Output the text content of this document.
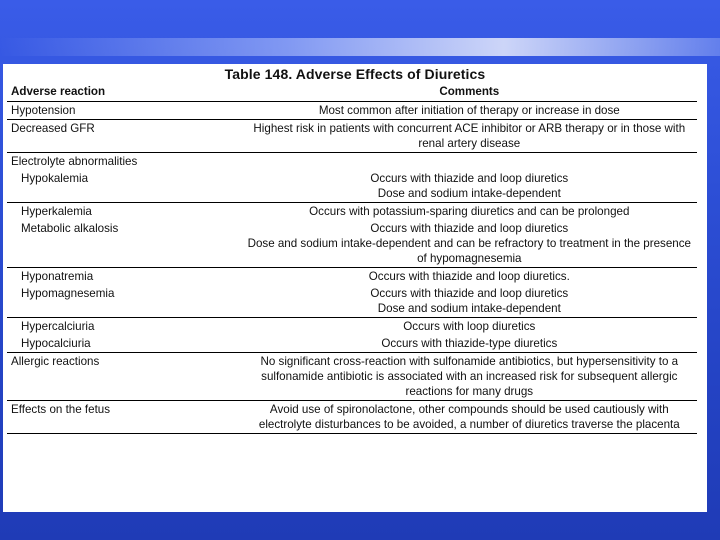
Table 148. Adverse Effects of Diuretics
Adverse reaction	Comments
Hypotension	Most common after initiation of therapy or increase in dose
Decreased GFR	Highest risk in patients with concurrent ACE inhibitor or ARB therapy or in those with renal artery disease
Electrolyte abnormalities	
Hypokalemia	Occurs with thiazide and loop diuretics
Dose and sodium intake-dependent
Hyperkalemia	Occurs with potassium-sparing diuretics and can be prolonged
Metabolic alkalosis	Occurs with thiazide and loop diuretics
Dose and sodium intake-dependent and can be refractory to treatment in the presence of hypomagnesemia
Hyponatremia	Occurs with thiazide and loop diuretics.
Hypomagnesemia	Occurs with thiazide and loop diuretics
Dose and sodium intake-dependent
Hypercalciuria	Occurs with loop diuretics
Hypocalciuria	Occurs with thiazide-type diuretics
Allergic reactions	No significant cross-reaction with sulfonamide antibiotics, but hypersensitivity to a sulfonamide antibiotic is associated with an increased risk for subsequent allergic reactions for many drugs
Effects on the fetus	Avoid use of spironolactone, other compounds should be used cautiously with electrolyte disturbances to be avoided, a number of diuretics traverse the placenta
